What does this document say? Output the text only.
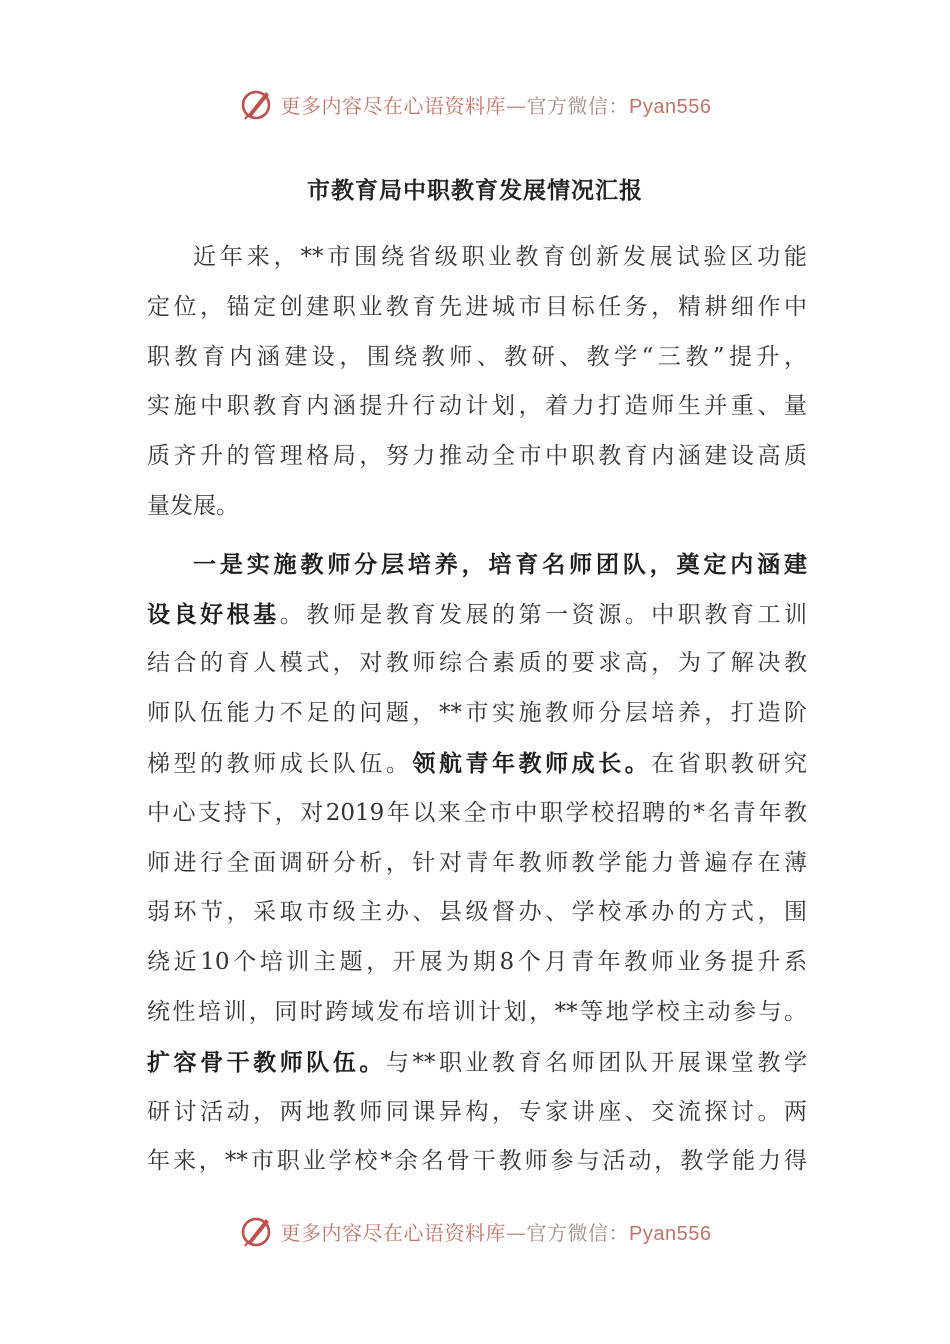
更多内容尽在心语资料库—官方微信：Pyan556
市教育局中职教育发展情况汇报
近年来，**市围绕省级职业教育创新发展试验区功能
定位，锚定创建职业教育先进城市目标任务，精耕细作中
职教育内涵建设，围绕教师、教研、教学“三教”提升，
实施中职教育内涵提升行动计划，着力打造师生并重、量
质齐升的管理格局，努力推动全市中职教育内涵建设高质
量发展。
一是实施教师分层培养，培育名师团队，奠定内涵建
设良好根基。教师是教育发展的第一资源。中职教育工训
结合的育人模式，对教师综合素质的要求高，为了解决教
师队伍能力不足的问题，**市实施教师分层培养，打造阶
梯型的教师成长队伍。领航青年教师成长。在省职教研究
中心支持下，对2019年以来全市中职学校招聘的*名青年教
师进行全面调研分析，针对青年教师教学能力普遍存在薄
弱环节，采取市级主办、县级督办、学校承办的方式，围
绕近10个培训主题，开展为期8个月青年教师业务提升系
统性培训，同时跨域发布培训计划，**等地学校主动参与。
扩容骨干教师队伍。与**职业教育名师团队开展课堂教学
研讨活动，两地教师同课异构，专家讲座、交流探讨。两
年来，**市职业学校*余名骨干教师参与活动，教学能力得
更多内容尽在心语资料库—官方微信：Pyan556
